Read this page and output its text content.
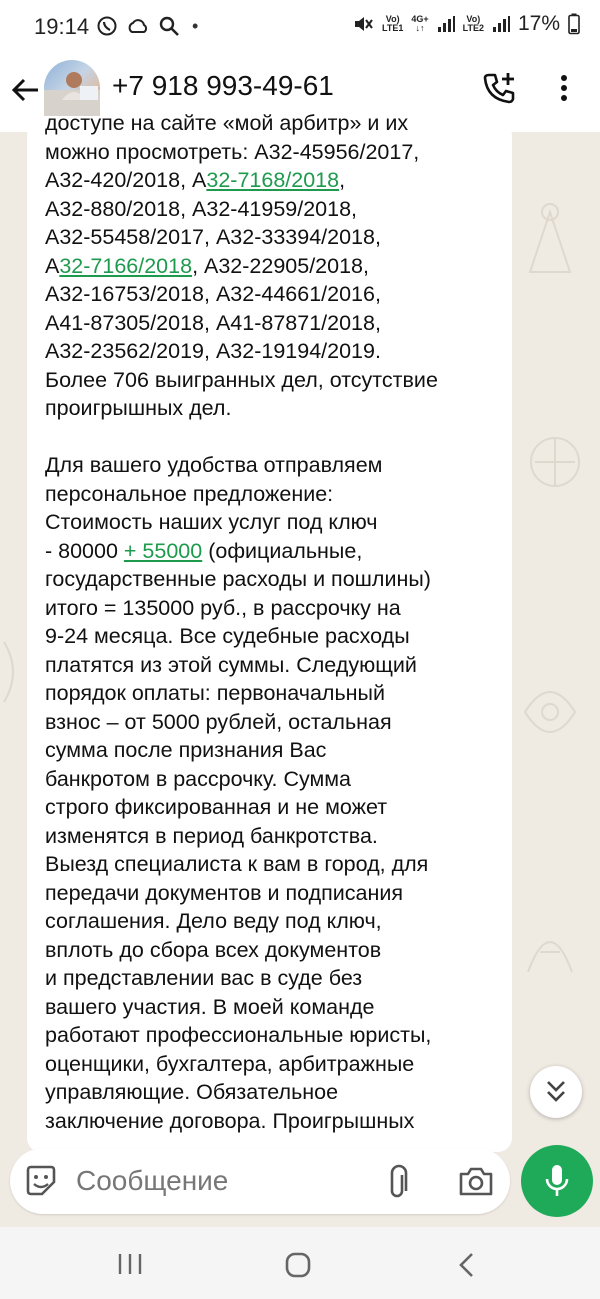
19:14	•	Vo)
LTE1
4G+
↓↑
Vo)
LTE2 17%
+7 918 993-49-61

доступе на сайте «мой арбитр» и их

можно просмотреть: А32-45956/2017,

А32-420/2018, А32-7168/2018,

А32-880/2018, А32-41959/2018,

А32-55458/2017, А32-33394/2018,

А32-7166/2018, А32-22905/2018,

А32-16753/2018, А32-44661/2016,

А41-87305/2018, А41-87871/2018,

А32-23562/2019, А32-19194/2019.

Более 706 выигранных дел, отсутствие

проигрышных дел.

Для вашего удобства отправляем

персональное предложение:

Стоимость наших услуг под ключ

- 80000 + 55000 (официальные,

государственные расходы и пошлины)

итого = 135000 руб., в рассрочку на

9-24 месяца. Все судебные расходы

платятся из этой суммы. Следующий

порядок оплаты: первоначальный

взнос – от 5000 рублей, остальная

сумма после признания Вас

банкротом в рассрочку. Сумма

строго фиксированная и не может

изменятся в период банкротства.

Выезд специалиста к вам в город, для

передачи документов и подписания

соглашения. Дело веду под ключ,

вплоть до сбора всех документов

и представлении вас в суде без

вашего участия. В моей команде

работают профессиональные юристы,

оценщики, бухгалтера, арбитражные

управляющие. Обязательное

заключение договора. Проигрышных

Сообщение
